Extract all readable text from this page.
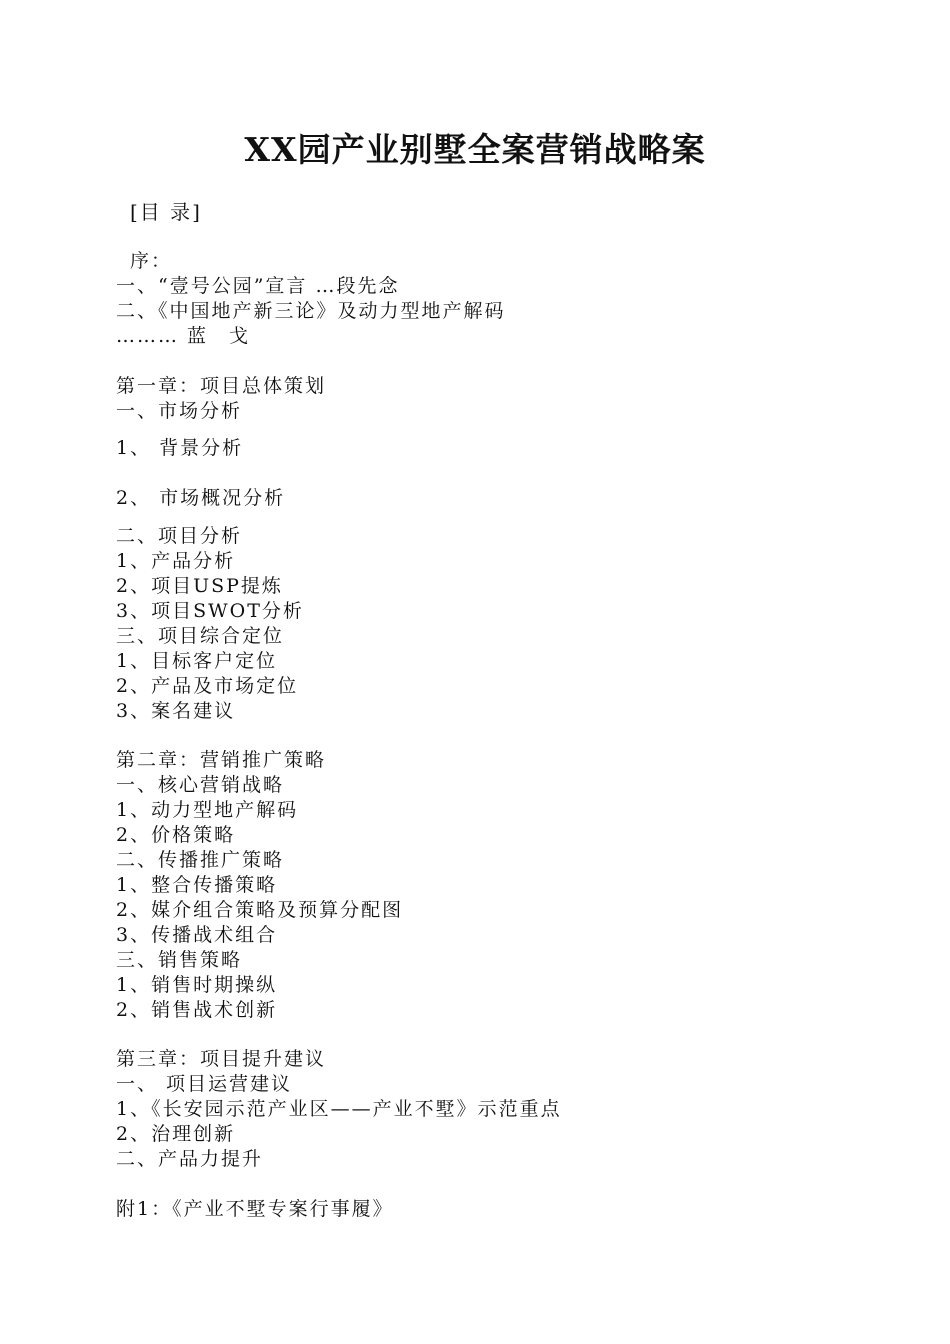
XX园产业别墅全案营销战略案
[目 录]
序：
一、“壹号公园”宣言 …段先念
二、《中国地产新三论》及动力型地产解码
……… 蓝　戈
第一章：项目总体策划
一、市场分析
1、 背景分析
2、 市场概况分析
二、项目分析
1、产品分析
2、项目USP提炼
3、项目SWOT分析
三、项目综合定位
1、目标客户定位
2、产品及市场定位
3、案名建议
第二章：营销推广策略
一、核心营销战略
1、动力型地产解码
2、价格策略
二、传播推广策略
1、整合传播策略
2、媒介组合策略及预算分配图
3、传播战术组合
三、销售策略
1、销售时期操纵
2、销售战术创新
第三章：项目提升建议
一、 项目运营建议
1、《长安园示范产业区——产业不墅》示范重点
2、治理创新
二、产品力提升
附1：《产业不墅专案行事履》
